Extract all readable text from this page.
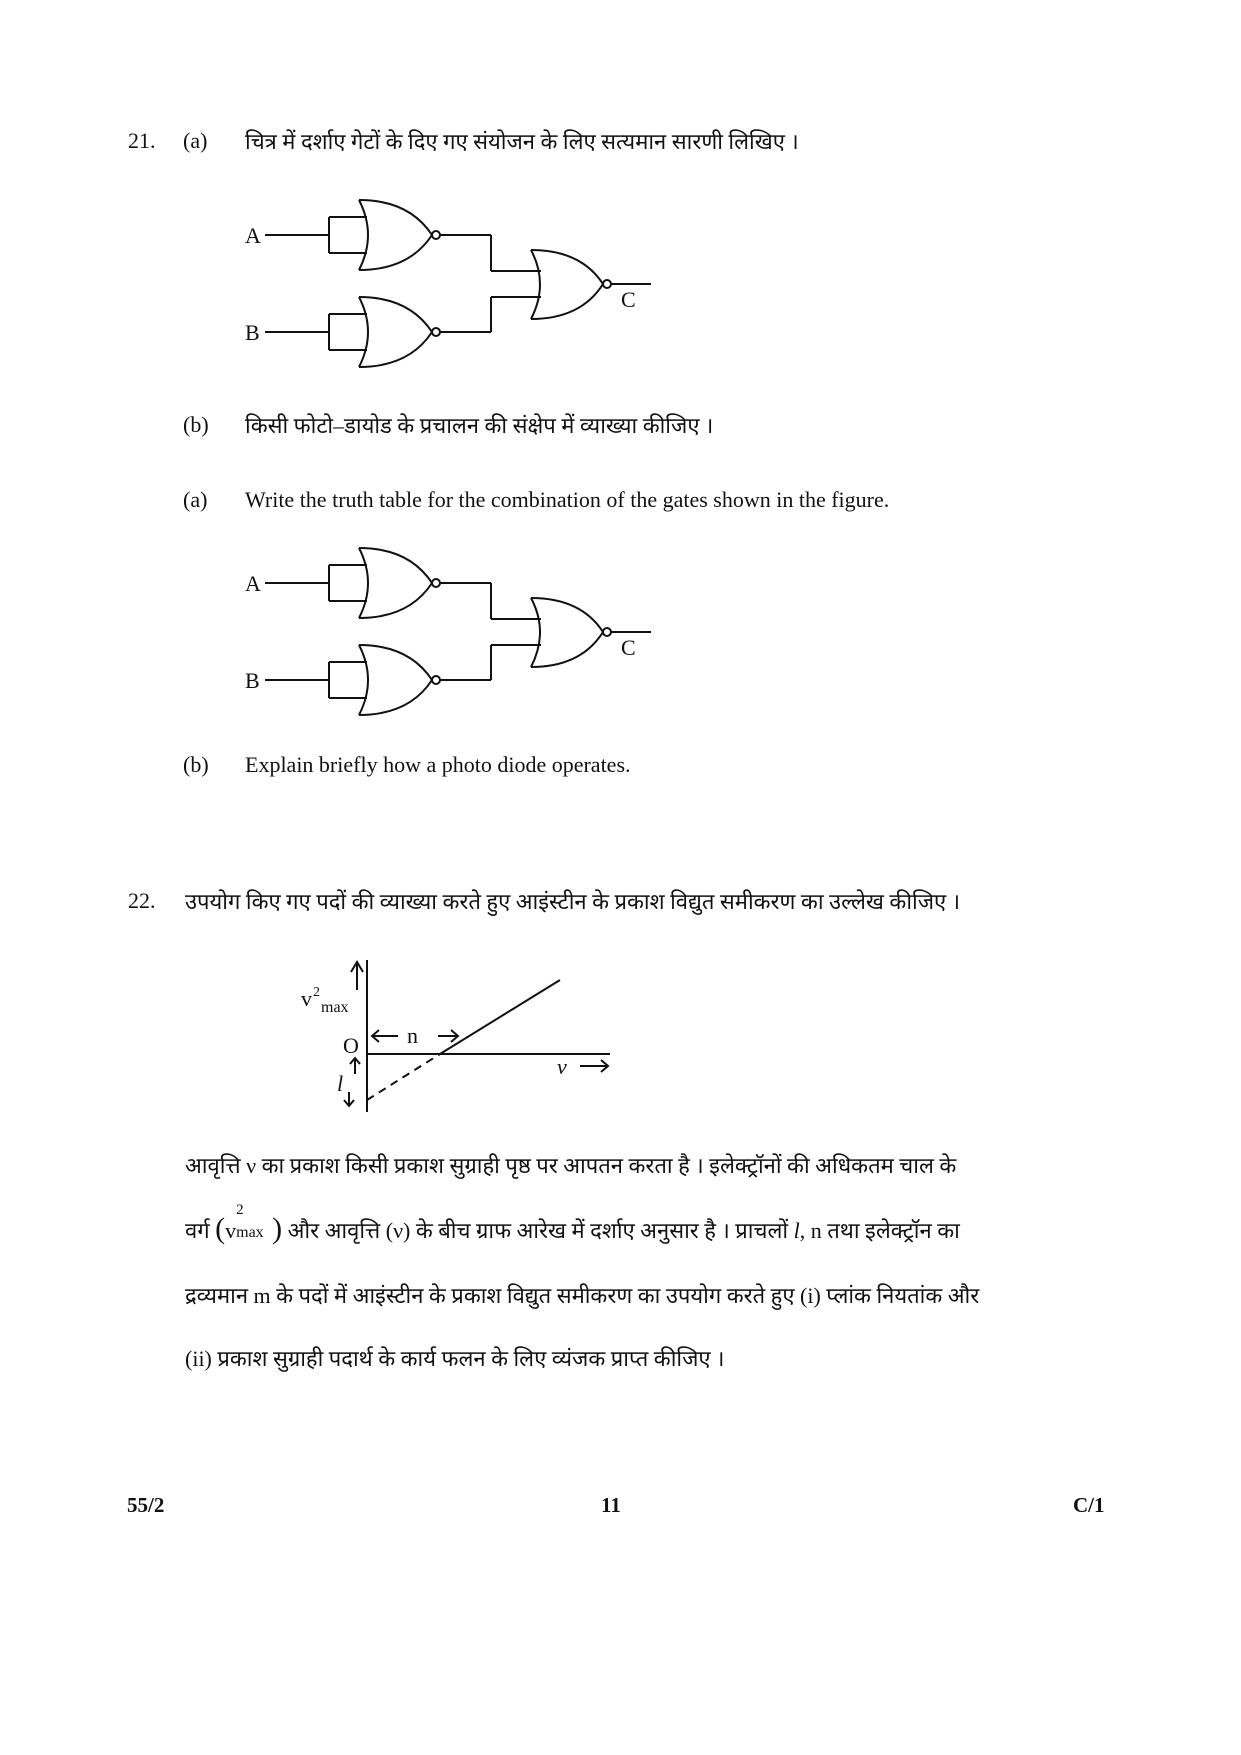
21. (a) चित्र में दर्शाए गेटों के दिए गए संयोजन के लिए सत्यमान सारणी लिखिए ।
A
B
C
(b) किसी फोटो–डायोड के प्रचालन की संक्षेप में व्याख्या कीजिए ।
(a) Write the truth table for the combination of the gates shown in the figure.
A
B
C
(b) Explain briefly how a photo diode operates.
22. उपयोग किए गए पदों की व्याख्या करते हुए आइंस्टीन के प्रकाश विद्युत समीकरण का उल्लेख कीजिए ।
v 2
max
O n
l
ν
आवृत्ति ν का प्रकाश किसी प्रकाश सुग्राही पृष्ठ पर आपतन करता है । इलेक्ट्रॉनों की अधिकतम चाल के
वर्ग (v
2
max ) और आवृत्ति (ν) के बीच ग्राफ आरेख में दर्शाए अनुसार है । प्राचलों l, n तथा इलेक्ट्रॉन का
द्रव्यमान m के पदों में आइंस्टीन के प्रकाश विद्युत समीकरण का उपयोग करते हुए (i) प्लांक नियतांक और
(ii) प्रकाश सुग्राही पदार्थ के कार्य फलन के लिए व्यंजक प्राप्त कीजिए ।
55/2	11	C/1
